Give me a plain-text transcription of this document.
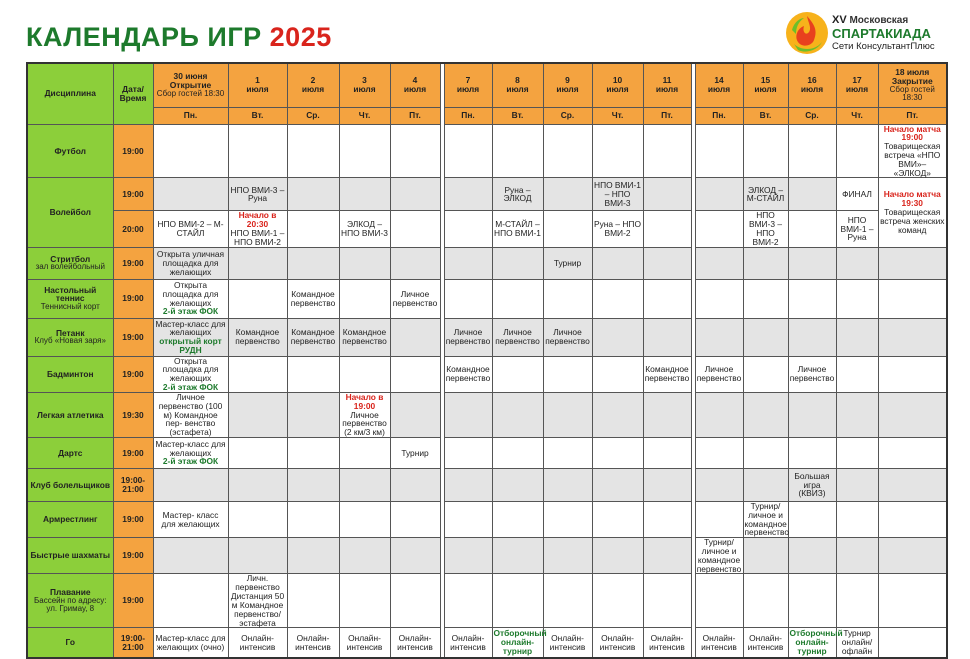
КАЛЕНДАРЬ ИГР 2025
XV Московская
СПАРТАКИАДА
Сети КонсультантПлюс
Дисциплина	Дата/ Время	30 июня
Открытие
Сбор гостей 18:30	1
июля	2
июля	3
июля	4
июля		7
июля	8
июля	9
июля	10
июля	11
июля		14
июля	15
июля	16
июля	17
июля	18 июля
Закрытие
Сбор гостей 18:30

		Пн.	Вт.	Ср.	Чт.	Пт.		Пн.	Вт.	Ср.	Чт.	Пт.		Пн.	Вт.	Ср.	Чт.	Пт.
Футбол	19:00																	Начало матча 19:00
Товарищеская встреча «НПО ВМИ»– «ЭЛКОД»
Волейбол	19:00		НПО ВМИ-3 – Руна						Руна – ЭЛКОД		НПО ВМИ-1 – НПО ВМИ-3				ЭЛКОД – М-СТАЙЛ		ФИНАЛ	Начало матча 19:30
Товарищеская встреча женских команд
	20:00	НПО ВМИ-2 – М-СТАЙЛ	Начало в 20:30
НПО ВМИ-1 – НПО ВМИ-2		ЭЛКОД – НПО ВМИ-3				М-СТАЙЛ – НПО ВМИ-1		Руна – НПО ВМИ-2				НПО ВМИ-3 – НПО ВМИ-2		НПО ВМИ-1 – Руна	
Стритбол
зал волейбольный	19:00	Открыта уличная площадка для желающих								Турнир								
Настольный теннис
Теннисный корт	19:00	Открыта площадка для желающих
2-й этаж ФОК		Командное первенство		Личное первенство												
Петанк
Клуб «Новая заря»	19:00	Мастер-класс для желающих
открытый корт РУДН	Командное первенство	Командное первенство	Командное первенство			Личное первенство	Личное первенство	Личное первенство								
Бадминтон	19:00	Открыта площадка для желающих
2-й этаж ФОК						Командное первенство				Командное первенство		Личное первенство		Личное первенство		
Легкая атлетика	19:30	Личное первенство (100 м) Командное пер- венство (эстафета)			Начало в 19:00
Личное первенство (2 км/3 км)													
Дартс	19:00	Мастер-класс для желающих
2-й этаж ФОК				Турнир												
Клуб болельщиков	19:00- 21:00															Большая игра (КВИЗ)		
Армрестлинг	19:00	Мастер- класс для желающих													Турнир/ личное и командное первенство			
Быстрые шахматы	19:00													Турнир/ личное и командное первенство				
Плавание
Бассейн по адресу: ул. Гримау, 8	19:00		Личн. первенство Дистанция 50 м Командное первенство/ эстафета															
Го	19:00- 21:00	Мастер-класс для желающих (очно)	Онлайн- интенсив	Онлайн- интенсив	Онлайн- интенсив	Онлайн- интенсив		Онлайн- интенсив	Отборочный онлайн- турнир	Онлайн- интенсив	Онлайн- интенсив	Онлайн- интенсив		Онлайн- интенсив	Онлайн- интенсив	Отборочный онлайн- турнир	Турнир онлайн/ офлайн	
